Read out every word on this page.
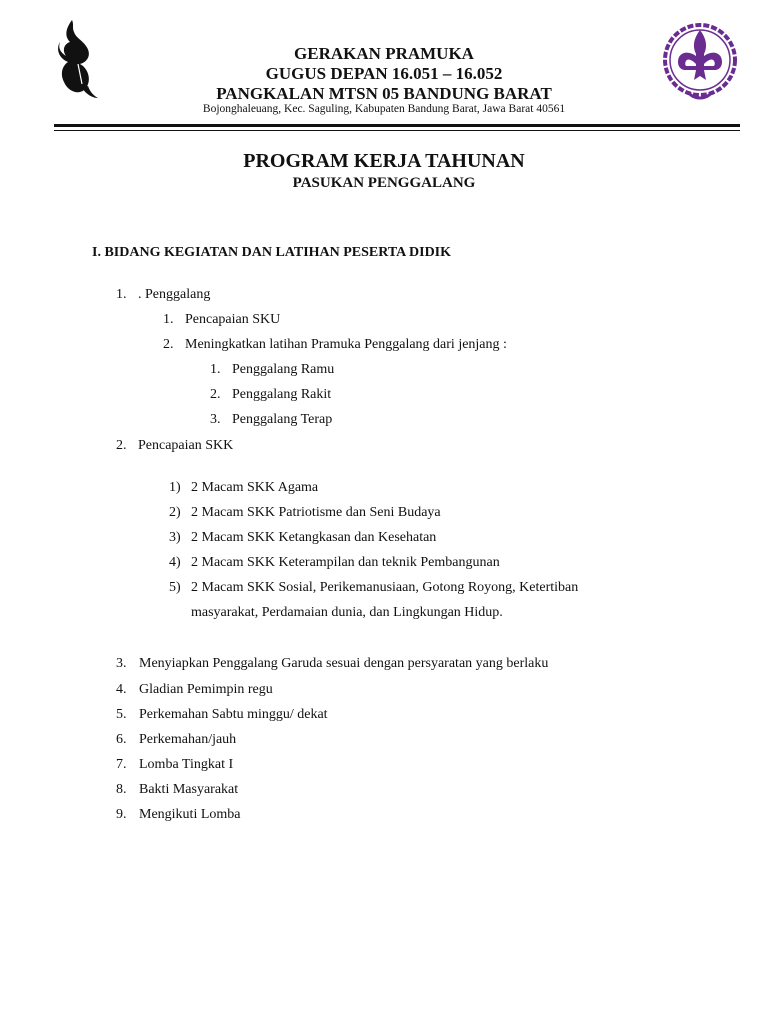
GERAKAN PRAMUKA
GUGUS DEPAN 16.051 – 16.052
PANGKALAN MTSN 05 BANDUNG BARAT
Bojonghaleuang, Kec. Saguling, Kabupaten Bandung Barat, Jawa Barat 40561
PROGRAM KERJA TAHUNAN
PASUKAN PENGGALANG
I. BIDANG KEGIATAN DAN LATIHAN PESERTA DIDIK
1. . Penggalang
1. Pencapaian SKU
2. Meningkatkan latihan Pramuka Penggalang dari jenjang :
1. Penggalang Ramu
2. Penggalang Rakit
3. Penggalang Terap
2. Pencapaian SKK
1) 2 Macam SKK Agama
2) 2 Macam SKK Patriotisme dan Seni Budaya
3) 2 Macam SKK Ketangkasan dan Kesehatan
4) 2 Macam SKK Keterampilan dan teknik Pembangunan
5) 2 Macam SKK Sosial, Perikemanusiaan, Gotong Royong, Ketertiban
masyarakat, Perdamaian dunia, dan Lingkungan Hidup.
3. Menyiapkan Penggalang Garuda sesuai dengan persyaratan yang berlaku
4. Gladian Pemimpin regu
5. Perkemahan Sabtu minggu/ dekat
6. Perkemahan/jauh
7. Lomba Tingkat I
8. Bakti Masyarakat
9. Mengikuti Lomba
